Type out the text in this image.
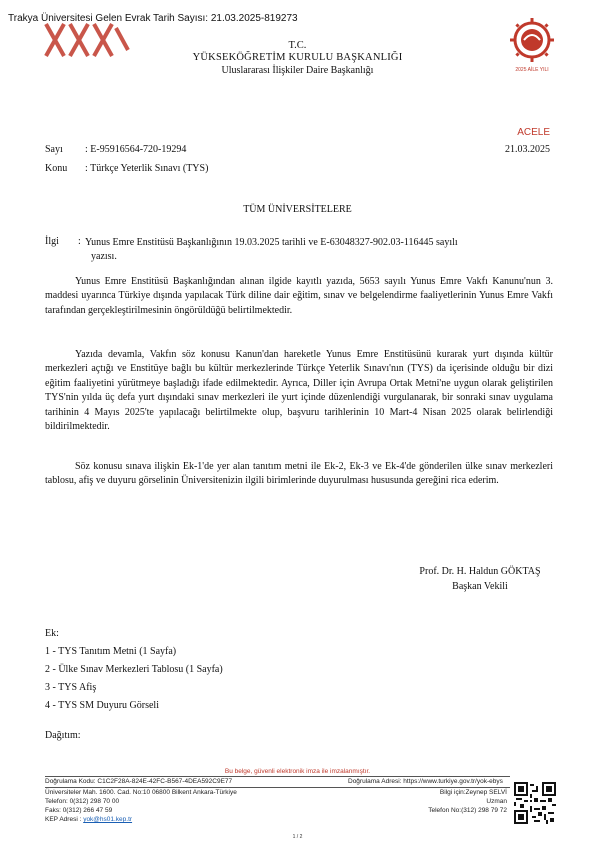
Trakya Üniversitesi Gelen Evrak Tarih Sayısı: 21.03.2025-819273
2025 AİLE YILI
T.C.
YÜKSEKÖĞRETİM KURULU BAŞKANLIĞI
Uluslararası İlişkiler Daire Başkanlığı
ACELE
21.03.2025
Sayı : E-95916564-720-19294
Konu : Türkçe Yeterlik Sınavı (TYS)
TÜM ÜNİVERSİTELERE
İlgi : Yunus Emre Enstitüsü Başkanlığının 19.03.2025 tarihli ve E-63048327-902.03-116445 sayılı
yazısı.
Yunus Emre Enstitüsü Başkanlığından alınan ilgide kayıtlı yazıda, 5653 sayılı Yunus Emre Vakfı Kanunu'nun 3. maddesi uyarınca Türkiye dışında yapılacak Türk diline dair eğitim, sınav ve belgelendirme faaliyetlerinin Yunus Emre Vakfı tarafından gerçekleştirilmesinin öngörüldüğü belirtilmektedir.
Yazıda devamla, Vakfın söz konusu Kanun'dan hareketle Yunus Emre Enstitüsünü kurarak yurt dışında kültür merkezleri açtığı ve Enstitüye bağlı bu kültür merkezlerinde Türkçe Yeterlik Sınavı'nın (TYS) da içerisinde olduğu bir dizi eğitim faaliyetini yürütmeye başladığı ifade edilmektedir. Ayrıca, Diller için Avrupa Ortak Metni'ne uygun olarak geliştirilen TYS'nin yılda üç defa yurt dışındaki sınav merkezleri ile yurt içinde düzenlendiği vurgulanarak, bir sonraki sınav uygulama tarihinin 4 Mayıs 2025'te yapılacağı belirtilmekte olup, başvuru tarihlerinin 10 Mart-4 Nisan 2025 olarak belirlendiği bildirilmektedir.
Söz konusu sınava ilişkin Ek-1'de yer alan tanıtım metni ile Ek-2, Ek-3 ve Ek-4'de gönderilen ülke sınav merkezleri tablosu, afiş ve duyuru görselinin Üniversitenizin ilgili birimlerinde duyurulması hususunda gereğini rica ederim.
Prof. Dr. H. Haldun GÖKTAŞ
Başkan Vekili
Ek:
1 - TYS Tanıtım Metni (1 Sayfa)
2 - Ülke Sınav Merkezleri Tablosu (1 Sayfa)
3 - TYS Afiş
4 - TYS SM Duyuru Görseli
Dağıtım:
Bu belge, güvenli elektronik imza ile imzalanmıştır.
Doğrulama Kodu: C1C2F28A-824E-42FC-B567-4DEA592C9E77	Doğrulama Adresi: https://www.turkiye.gov.tr/yok-ebys
Üniversiteler Mah. 1600. Cad. No:10 06800 Bilkent Ankara-Türkiye
Telefon: 0(312) 298 70 00
Faks: 0(312) 266 47 59
KEP Adresi : yok@hs01.kep.tr
Bilgi için:Zeynep SELVİ
Uzman
Telefon No:(312) 298 79 72
1 / 2
